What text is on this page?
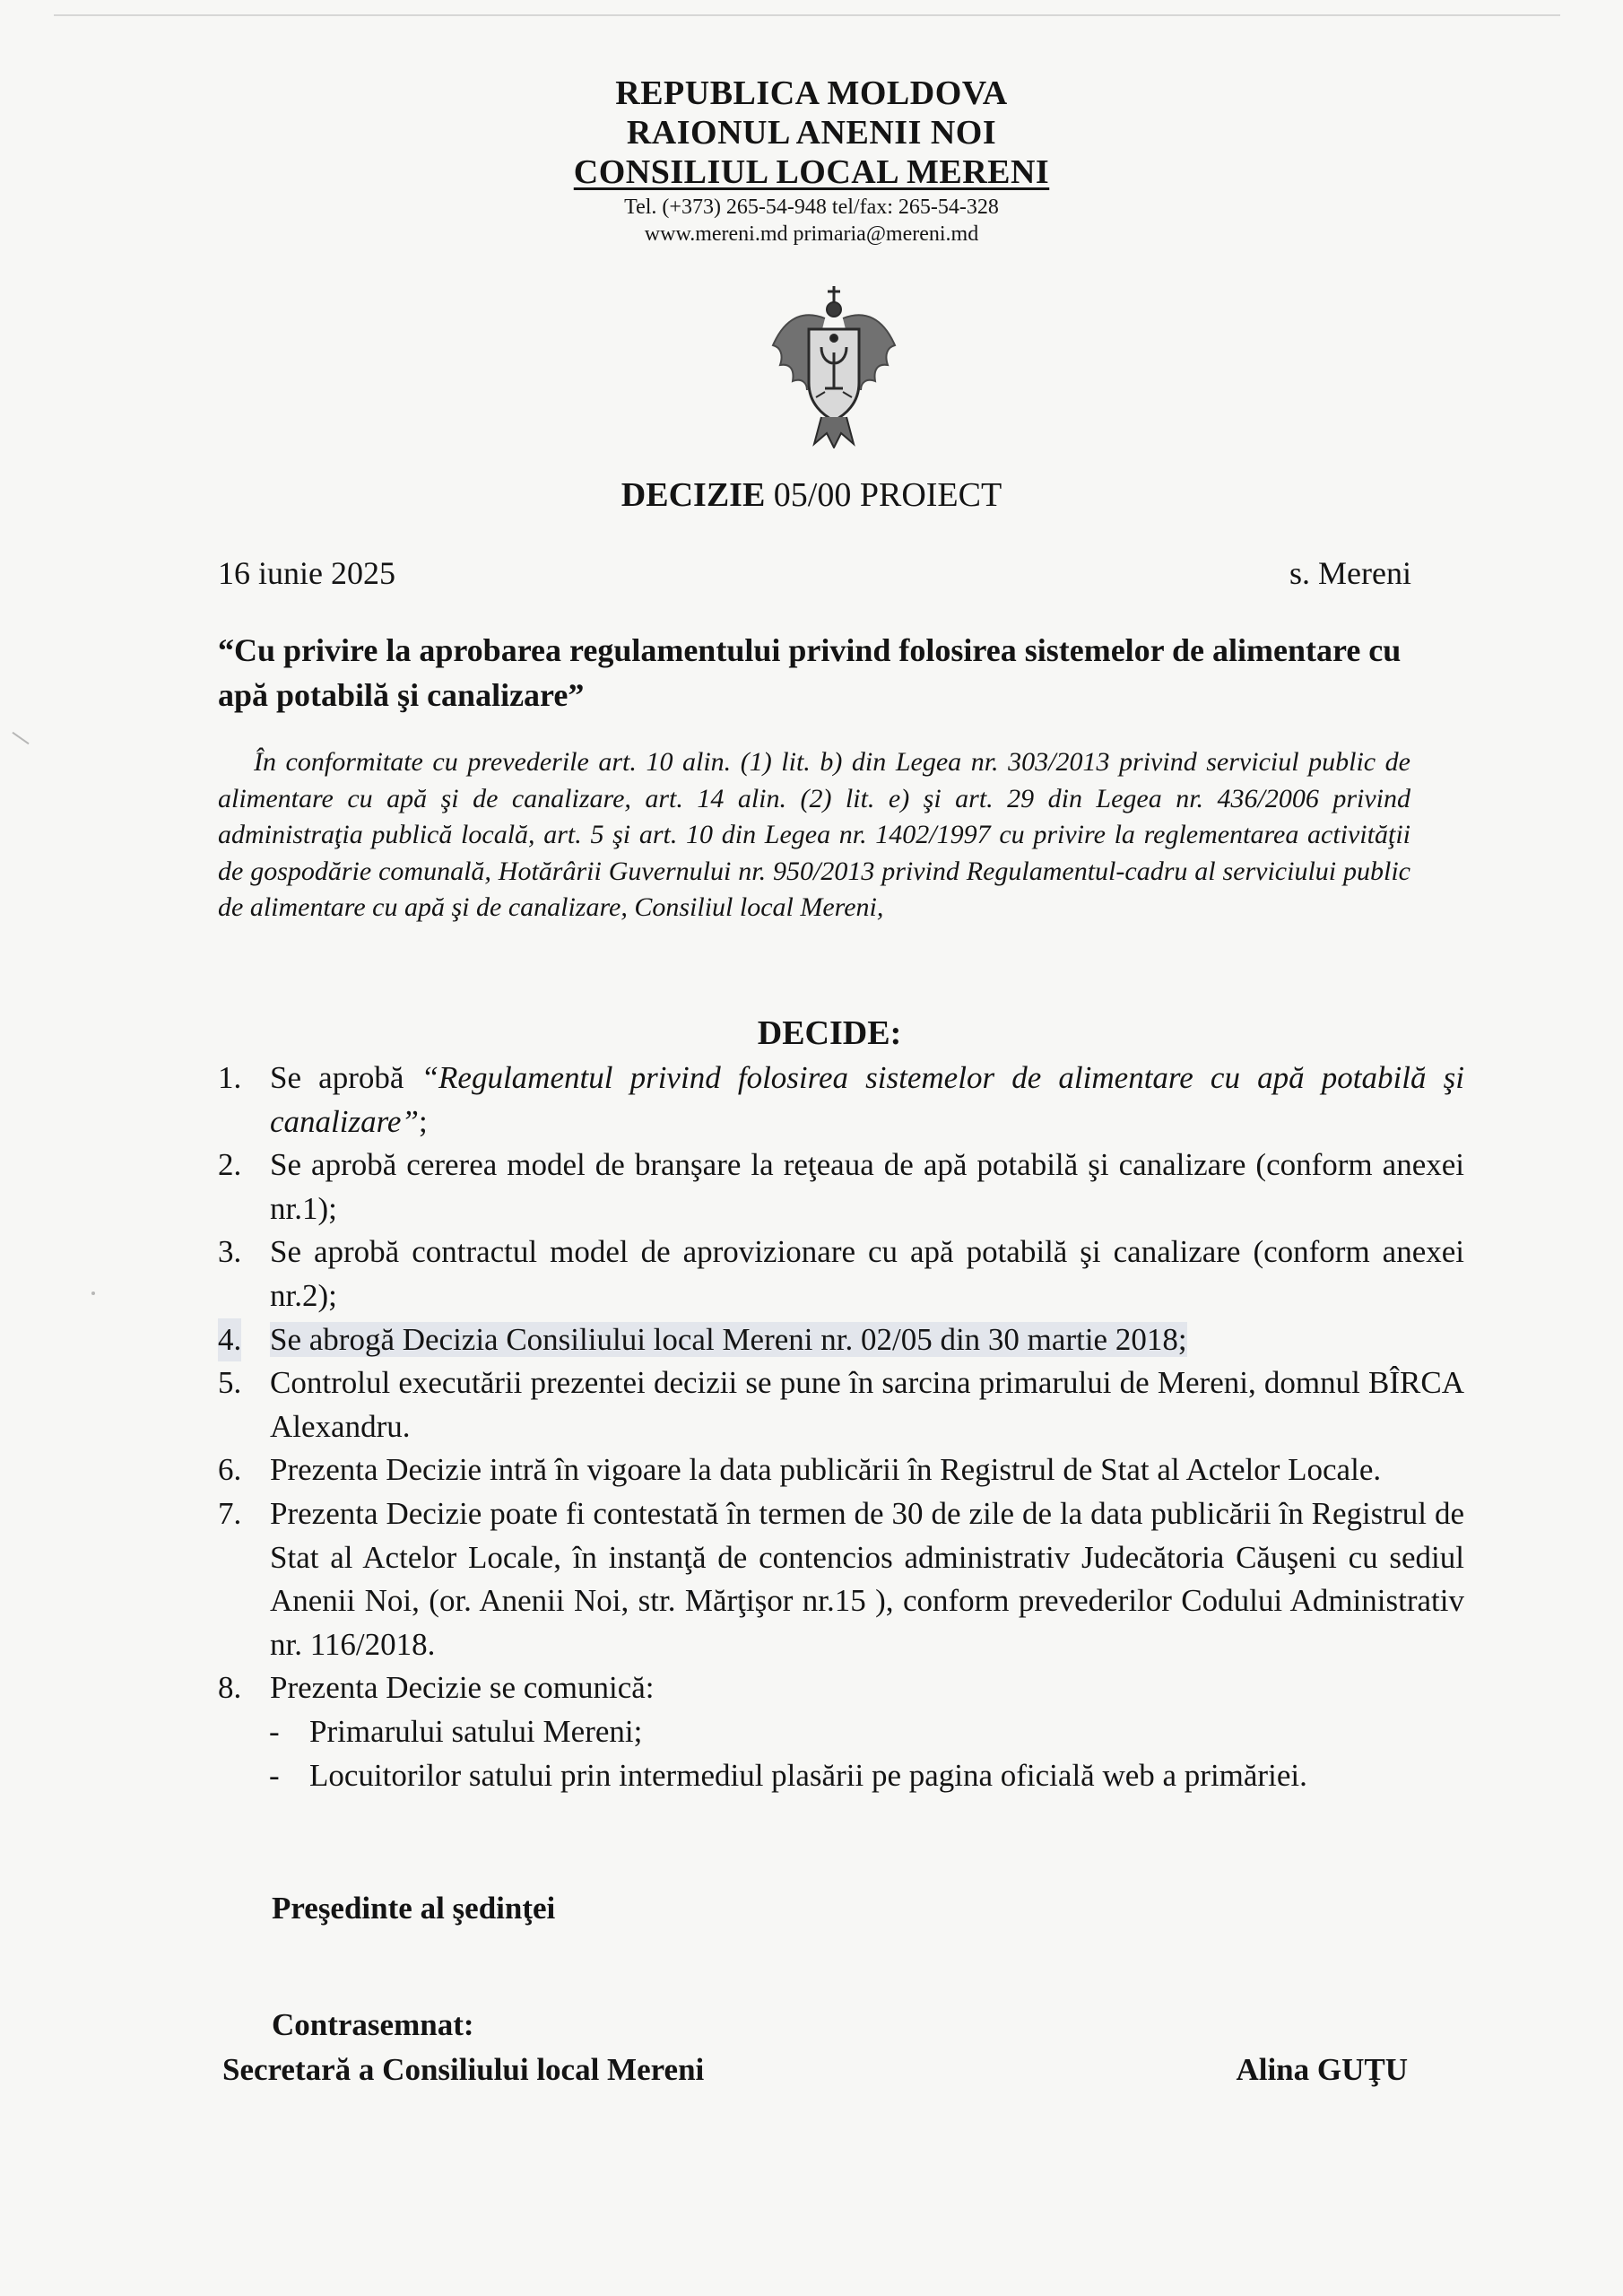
REPUBLICA MOLDOVA
RAIONUL ANENII NOI
CONSILIUL LOCAL MERENI
Tel. (+373) 265-54-948 tel/fax: 265-54-328
www.mereni.md primaria@mereni.md
DECIZIE 05/00 PROIECT
16 iunie 2025	s. Mereni
“Cu privire la aprobarea regulamentului privind folosirea sistemelor de alimentare cu apă potabilă şi canalizare”
În conformitate cu prevederile art. 10 alin. (1) lit. b) din Legea nr. 303/2013 privind serviciul public de alimentare cu apă şi de canalizare, art. 14 alin. (2) lit. e) şi art. 29 din Legea nr. 436/2006 privind administraţia publică locală, art. 5 şi art. 10 din Legea nr. 1402/1997 cu privire la reglementarea activităţii de gospodărie comunală, Hotărârii Guvernului nr. 950/2013 privind Regulamentul-cadru al serviciului public de alimentare cu apă şi de canalizare, Consiliul local Mereni,
DECIDE:
1. Se aprobă “Regulamentul privind folosirea sistemelor de alimentare cu apă potabilă şi canalizare”;
2. Se aprobă cererea model de branşare la reţeaua de apă potabilă şi canalizare (conform anexei nr.1);
3. Se aprobă contractul model de aprovizionare cu apă potabilă şi canalizare (conform anexei nr.2);
4. Se abrogă Decizia Consiliului local Mereni nr. 02/05 din 30 martie 2018;
5. Controlul executării prezentei decizii se pune în sarcina primarului de Mereni, domnul BÎRCA Alexandru.
6. Prezenta Decizie intră în vigoare la data publicării în Registrul de Stat al Actelor Locale.
7. Prezenta Decizie poate fi contestată în termen de 30 de zile de la data publicării în Registrul de Stat al Actelor Locale, în instanţă de contencios administrativ Judecătoria Căuşeni cu sediul Anenii Noi, (or. Anenii Noi, str. Mărţişor nr.15 ), conform prevederilor Codului Administrativ nr. 116/2018.
8. Prezenta Decizie se comunică:
- Primarului satului Mereni;
- Locuitorilor satului prin intermediul plasării pe pagina oficială web a primăriei.
Preşedinte al şedinţei
Contrasemnat:
Secretară a Consiliului local Mereni	Alina GUŢU
